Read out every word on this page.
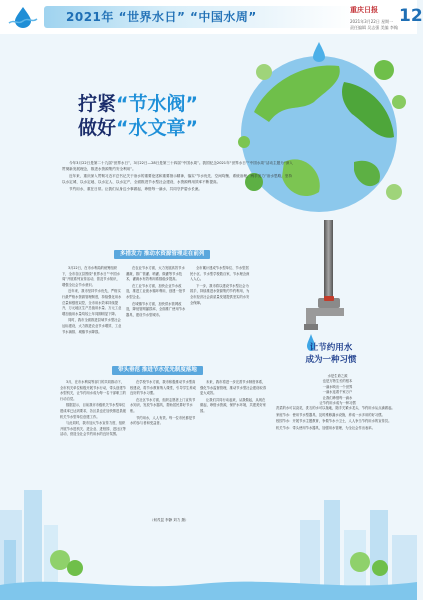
2021年 “世界水日” “中国水周”
重庆日报 12
2021年3月22日 星期一
责任编辑 吴志强 美编 李翰
拧紧“节水阀”
做好“水文章”

今年3月22日是第二十九届“世界水日”，3月22日—28日是第三十四届“中国水周”。我国纪念2021年“世界水日”“中国水周”活动主题为“深入贯彻新发展理念，推进水资源集约安全利用”。

近年来，重庆深入贯彻习近平总书记关于治水的重要论述和重要指示精神，落实“节水优先、空间均衡、系统治理、两手发力”治水思路，坚持以水定城、以水定地、以水定人、以水定产，全面推进节水型社会建设，水资源利用效率不断提高。

节约用水，重在日常。让我们从身边小事做起，珍惜每一滴水，共同守护碧水长流。

多措发力 推动水资源管理走在前列

3月22日，在市水利局的统筹组织下，全市各区县围绕“世界水日”“中国水周”开展系列宣传活动，普及节水知识，增强全社会节水意识。

近年来，我市坚持节水优先，严格实行最严格水资源管理制度，持续强化用水总量和强度双控，全市用水效率持续提升，万元地区生产总值用水量、万元工业增加值用水量均较上年同期明显下降。

同时，我市全面推进县域节水型社会达标建设，大力推进农业节水增效、工业节水减排、城镇节水降损。

在农业节水方面，大力发展高效节水灌溉，推广管灌、喷灌、微灌等节水技术，灌溉水有效利用系数稳步提高。

在工业节水方面，加快企业节水改造，推进工业废水循环利用，创建一批节水型企业。

在城镇节水方面，加快供水管网改造，降低管网漏损率，全面推广使用节水器具，建设节水型城市。

全市累计建成节水型单位、节水型居民小区、节水型学校数百家，节水理念深入人心。

下一步，我市将以建设节水型社会为抓手，持续推进水资源集约节约利用，为全市经济社会高质量发展提供坚实的水安全保障。

带头垂范 推进节水优先制度落地

3月，在市水利局等部门的共同推动下，全市机关单位积极开展节水行动，带头创建节水型机关，让节约用水成为每一名干部职工的行动自觉。

数据显示，目前我市市级机关节水型单位建成率已达到要求，各区县也在加快推进县级机关节水型单位创建工作。

与此同时，我市加大节水宣传力度，组织开展节水进机关、进企业、进校园、进社区等活动，营造全社会节约用水的良好氛围。

在学校节水方面，我市积极推动节水型高校建设，将节水教育纳入课堂，引导学生养成良好的节水习惯。

在社区节水方面，组织志愿者上门宣传节水知识，发放节水器具，帮助居民算好节水账。

节约用水，人人有责。每一位市民都是节水的参与者和受益者。

未来，我市将进一步完善节水制度体系，强化节水监督管理，推动节水型社会建设取得更大成效。

让我们共同行动起来，从我做起，从现在做起，珍惜水资源，保护水环境，共建美好家园。

让节约用水
成为一种习惯

水是生命之源

也是万物生长的根本

一滴水映出一个世界

一滴水连着千家万户

让我们珍惜每一滴水

让节约用水成为一种习惯

洗菜的水可以浇花，洗衣的水可以拖地，随手关紧水龙头，节约用水从点滴做起。

家庭节水：使用节水型器具，及时维修漏水设施，养成一水多用的好习惯。

校园节水：开展节水主题教育，争做节水小卫士，人人争当节约用水的宣传员。

机关节水：带头使用节水器具，加强用水管理，为全社会作出表率。

（何茂昆 李静 刘力 摄）
